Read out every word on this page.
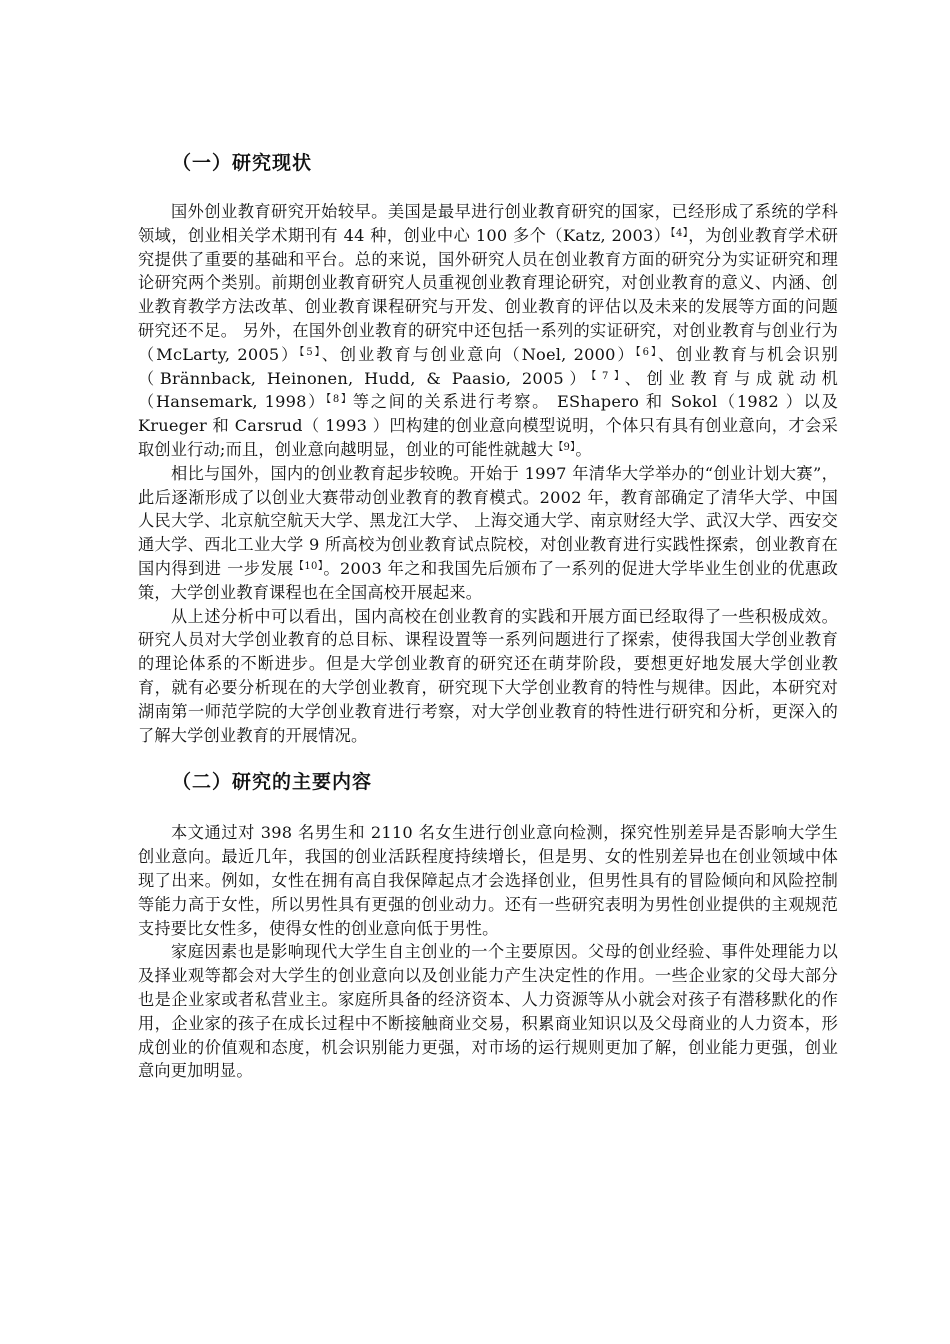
（一）研究现状

国外创业教育研究开始较早。美国是最早进行创业教育研究的国家，已经形成了系统的学科领域，创业相关学术期刊有 44 种，创业中心 100 多个（Katz, 2003） 【 $^4$ 】 ，为创业教育学术研究提供了重要的基础和平台。总的来说，国外研究人员在创业教育方面的研究分为实证研究和理论研究两个类别。前期创业教育研究人员重视创业教育理论研究，对创业教育的意义、内涵、创业教育教学方法改革、创业教育课程研究与开发、创业教育的评估以及未来的发展等方面的问题研究还不足。 另外，在国外创业教育的研究中还包括一系列的实证研究，对创业教育与创业行为（McLarty, 2005） 【 $^5$ 】 、创业教育与创业意向（Noel, 2000） 【 $^6$ 】 、创业教育与机会识别（Brännback, Heinonen, Hudd, & Paasio, 2005） 【 $^7$ 】 、创业教育与成就动机（Hansemark, 1998） 【 $^8$ 】 等之间的关系进行考察。 EShapero 和 Sokol（1982 ）以及 Krueger 和 Carsrud（ 1993 ）凹构建的创业意向模型说明，个体只有具有创业意向，才会采取创业行动;而且，创业意向越明显，创业的可能性就越大 【 $^9$ 】 。

相比与国外，国内的创业教育起步较晚。开始于 1997 年清华大学举办的“创业计划大赛”，此后逐渐形成了以创业大赛带动创业教育的教育模式。2002 年，教育部确定了清华大学、中国人民大学、北京航空航天大学、黑龙江大学、 上海交通大学、南京财经大学、武汉大学、西安交通大学、西北工业大学 9 所高校为创业教育试点院校，对创业教育进行实践性探索，创业教育在国内得到进 一步发展 【 $^{10}$ 】 。2003 年之和我国先后颁布了一系列的促进大学毕业生创业的优惠政策，大学创业教育课程也在全国高校开展起来。

从上述分析中可以看出，国内高校在创业教育的实践和开展方面已经取得了一些积极成效。研究人员对大学创业教育的总目标、课程设置等一系列问题进行了探索，使得我国大学创业教育的理论体系的不断进步。但是大学创业教育的研究还在萌芽阶段，要想更好地发展大学创业教育，就有必要分析现在的大学创业教育，研究现下大学创业教育的特性与规律。因此，本研究对湖南第一师范学院的大学创业教育进行考察，对大学创业教育的特性进行研究和分析，更深入的了解大学创业教育的开展情况。

（二）研究的主要内容

本文通过对 398 名男生和 2110 名女生进行创业意向检测，探究性别差异是否影响大学生创业意向。最近几年，我国的创业活跃程度持续增长，但是男、女的性别差异也在创业领域中体现了出来。例如，女性在拥有高自我保障起点才会选择创业，但男性具有的冒险倾向和风险控制等能力高于女性，所以男性具有更强的创业动力。还有一些研究表明为男性创业提供的主观规范支持要比女性多，使得女性的创业意向低于男性。

家庭因素也是影响现代大学生自主创业的一个主要原因。父母的创业经验、事件处理能力以及择业观等都会对大学生的创业意向以及创业能力产生决定性的作用。一些企业家的父母大部分也是企业家或者私营业主。家庭所具备的经济资本、人力资源等从小就会对孩子有潜移默化的作用，企业家的孩子在成长过程中不断接触商业交易，积累商业知识以及父母商业的人力资本，形成创业的价值观和态度，机会识别能力更强，对市场的运行规则更加了解，创业能力更强，创业意向更加明显。
